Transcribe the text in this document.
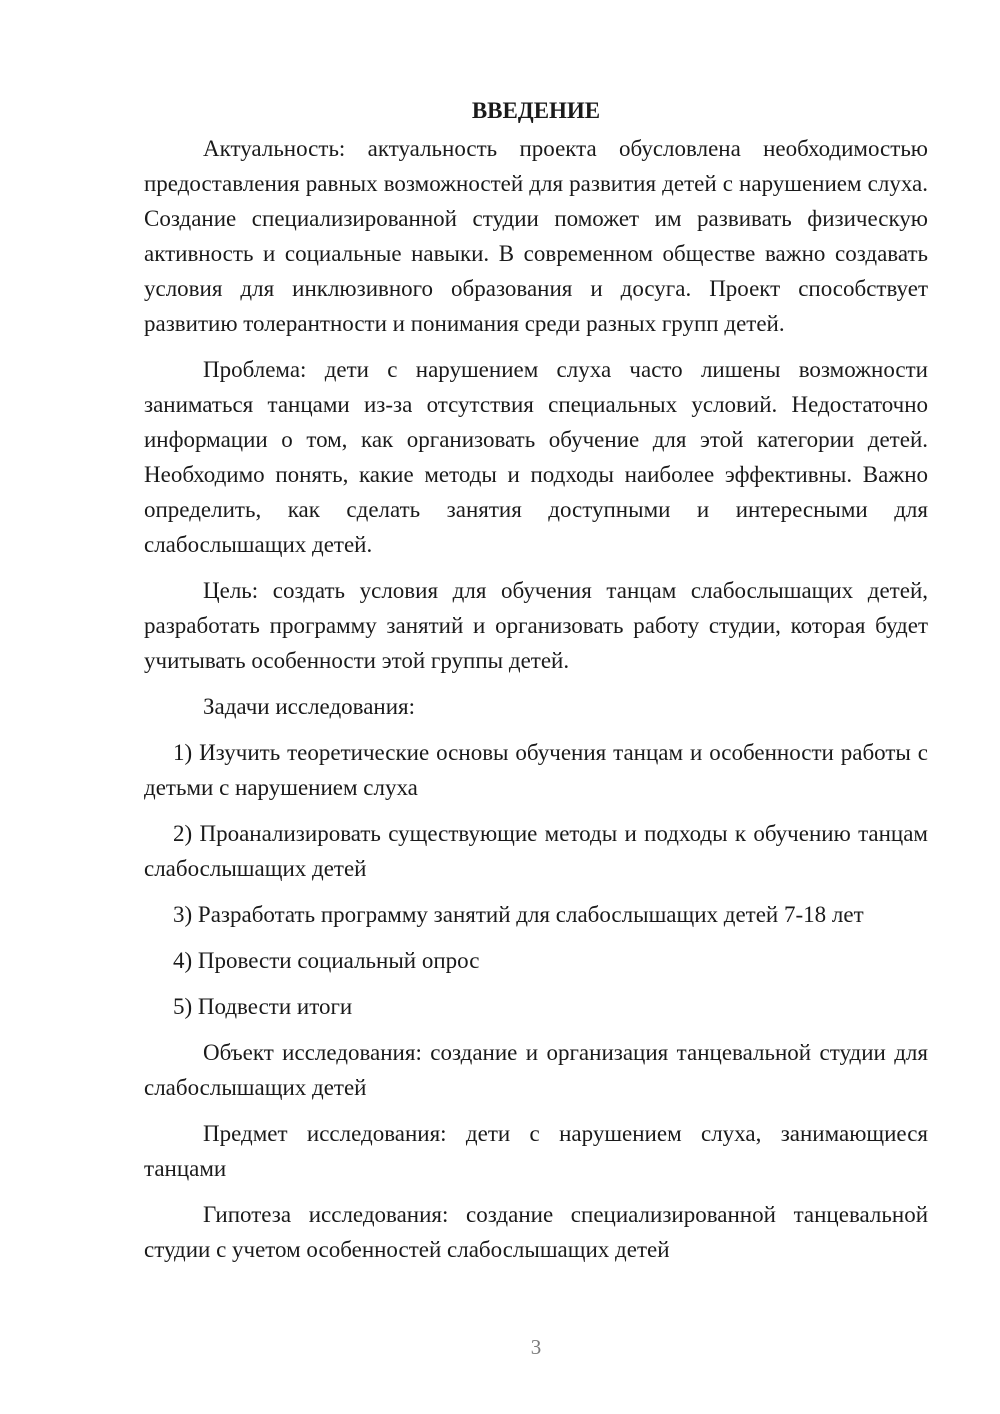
ВВЕДЕНИЕ

Актуальность: актуальность проекта обусловлена необходимостью предоставления равных возможностей для развития детей с нарушением слуха. Создание специализированной студии поможет им развивать физическую активность и социальные навыки. В современном обществе важно создавать условия для инклюзивного образования и досуга. Проект способствует развитию толерантности и понимания среди разных групп детей.

Проблема: дети с нарушением слуха часто лишены возможности заниматься танцами из-за отсутствия специальных условий. Недостаточно информации о том, как организовать обучение для этой категории детей. Необходимо понять, какие методы и подходы наиболее эффективны. Важно определить, как сделать занятия доступными и интересными для слабослышащих детей.

Цель: создать условия для обучения танцам слабослышащих детей, разработать программу занятий и организовать работу студии, которая будет учитывать особенности этой группы детей.

Задачи исследования:

1) Изучить теоретические основы обучения танцам и особенности работы с детьми с нарушением слуха

2) Проанализировать существующие методы и подходы к обучению танцам слабослышащих детей

3) Разработать программу занятий для слабослышащих детей 7-18 лет

4) Провести социальный опрос

5) Подвести итоги

Объект исследования: создание и организация танцевальной студии для слабослышащих детей

Предмет исследования: дети с нарушением слуха, занимающиеся танцами

Гипотеза исследования: создание специализированной танцевальной студии с учетом особенностей слабослышащих детей

3
